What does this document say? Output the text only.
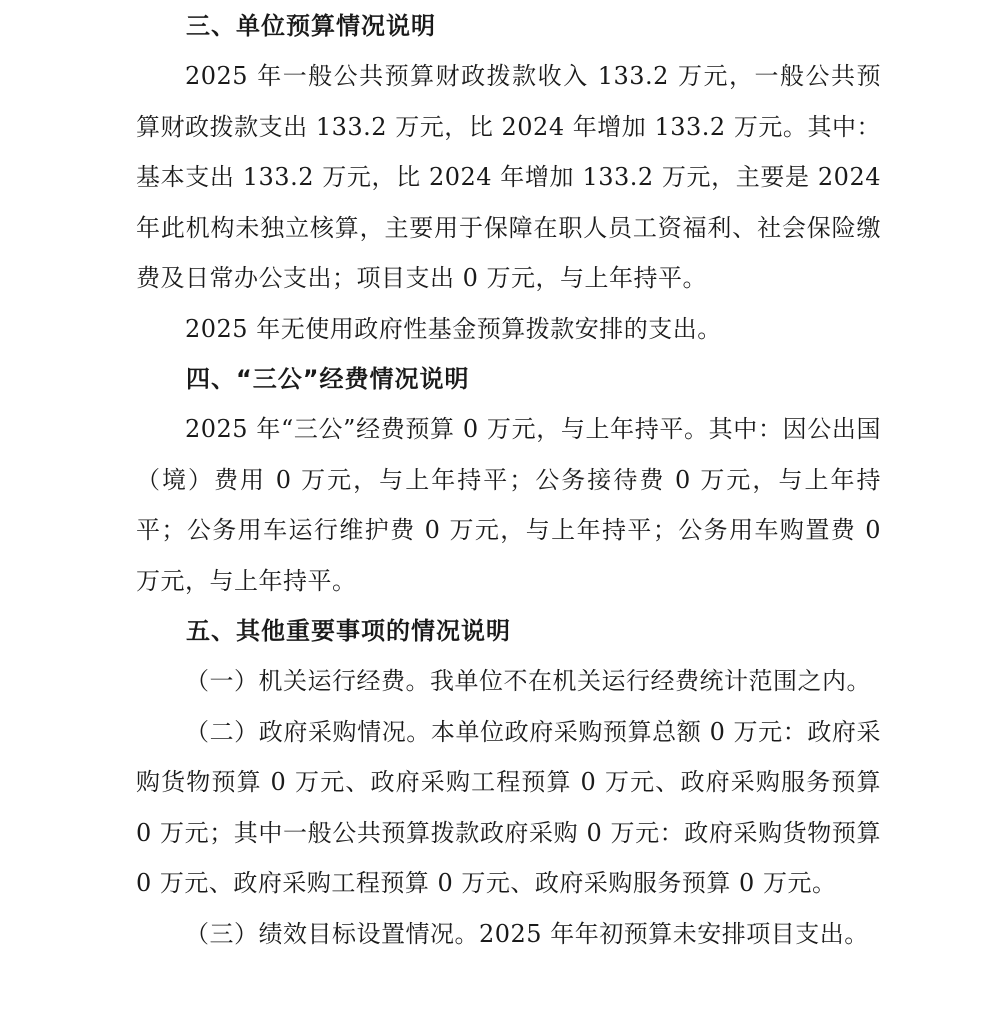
三、单位预算情况说明

2025 年一般公共预算财政拨款收入 133.2 万元，一般公共预算财政拨款支出 133.2 万元，比 2024 年增加 133.2 万元。其中：基本支出 133.2 万元，比 2024 年增加 133.2 万元，主要是 2024 年此机构未独立核算，主要用于保障在职人员工资福利、社会保险缴费及日常办公支出；项目支出 0 万元，与上年持平。

2025 年无使用政府性基金预算拨款安排的支出。

四、“三公”经费情况说明

2025 年“三公”经费预算 0 万元，与上年持平。其中：因公出国（境）费用 0 万元，与上年持平；公务接待费 0 万元，与上年持平；公务用车运行维护费 0 万元，与上年持平；公务用车购置费 0 万元，与上年持平。

五、其他重要事项的情况说明

（一）机关运行经费。我单位不在机关运行经费统计范围之内。

（二）政府采购情况。本单位政府采购预算总额 0 万元：政府采购货物预算 0 万元、政府采购工程预算 0 万元、政府采购服务预算 0 万元；其中一般公共预算拨款政府采购 0 万元：政府采购货物预算 0 万元、政府采购工程预算 0 万元、政府采购服务预算 0 万元。

（三）绩效目标设置情况。2025 年年初预算未安排项目支出。
